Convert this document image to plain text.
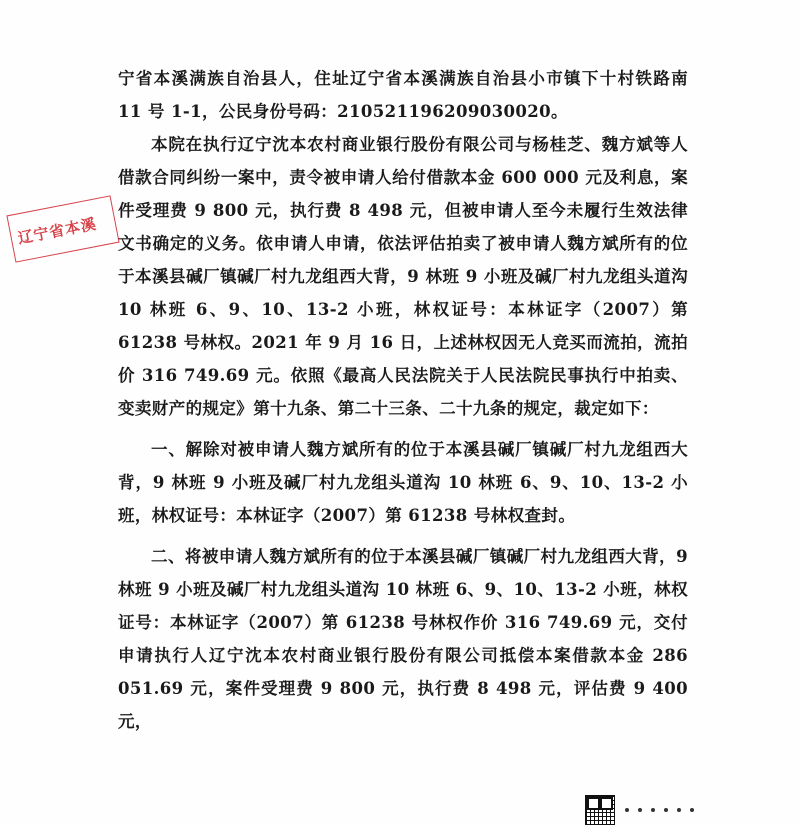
辽宁省本溪

宁省本溪满族自治县人，住址辽宁省本溪满族自治县小市镇下十村铁路南 11 号 1-1，公民身份号码：210521196209030020。

本院在执行辽宁沈本农村商业银行股份有限公司与杨桂芝、魏方斌等人借款合同纠纷一案中，责令被申请人给付借款本金 600 000 元及利息，案件受理费 9 800 元，执行费 8 498 元，但被申请人至今未履行生效法律文书确定的义务。依申请人申请，依法评估拍卖了被申请人魏方斌所有的位于本溪县碱厂镇碱厂村九龙组西大背，9 林班 9 小班及碱厂村九龙组头道沟 10 林班 6、9、10、13-2 小班，林权证号：本林证字（2007）第 61238 号林权。2021 年 9 月 16 日，上述林权因无人竞买而流拍，流拍价 316 749.69 元。依照《最高人民法院关于人民法院民事执行中拍卖、变卖财产的规定》第十九条、第二十三条、二十九条的规定，裁定如下：

一、解除对被申请人魏方斌所有的位于本溪县碱厂镇碱厂村九龙组西大背，9 林班 9 小班及碱厂村九龙组头道沟 10 林班 6、9、10、13-2 小班，林权证号：本林证字（2007）第 61238 号林权查封。

二、将被申请人魏方斌所有的位于本溪县碱厂镇碱厂村九龙组西大背，9 林班 9 小班及碱厂村九龙组头道沟 10 林班 6、9、10、13-2 小班，林权证号：本林证字（2007）第 61238 号林权作价 316 749.69 元，交付申请执行人辽宁沈本农村商业银行股份有限公司抵偿本案借款本金 286 051.69 元，案件受理费 9 800 元，执行费 8 498 元，评估费 9 400 元，
